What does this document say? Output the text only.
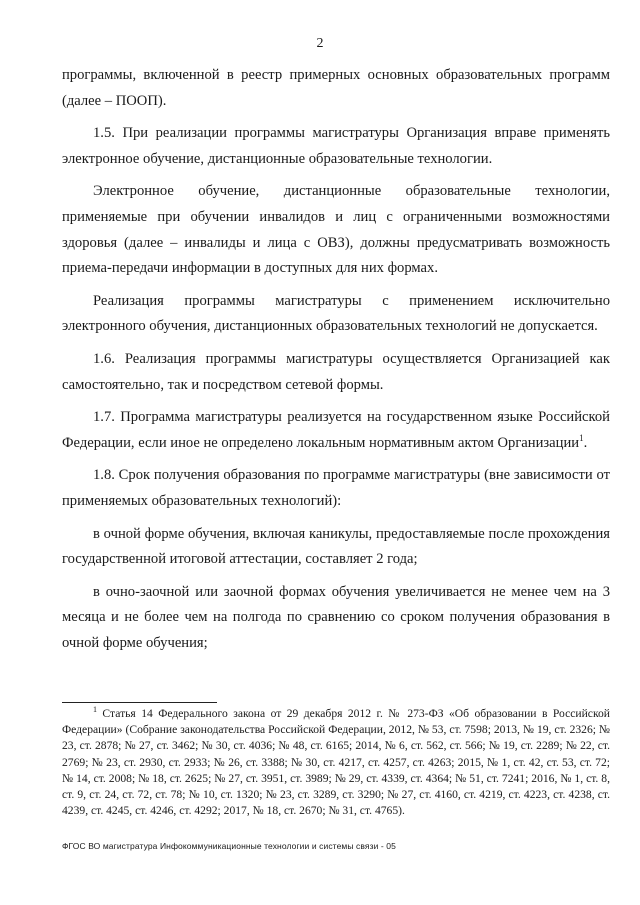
2

программы, включенной в реестр примерных основных образовательных программ (далее – ПООП).

1.5. При реализации программы магистратуры Организация вправе применять электронное обучение, дистанционные образовательные технологии.

Электронное обучение, дистанционные образовательные технологии, применяемые при обучении инвалидов и лиц с ограниченными возможностями здоровья (далее – инвалиды и лица с ОВЗ), должны предусматривать возможность приема-передачи информации в доступных для них формах.

Реализация программы магистратуры с применением исключительно электронного обучения, дистанционных образовательных технологий не допускается.

1.6. Реализация программы магистратуры осуществляется Организацией как самостоятельно, так и посредством сетевой формы.

1.7. Программа магистратуры реализуется на государственном языке Российской Федерации, если иное не определено локальным нормативным актом Организации$^1$.

1.8. Срок получения образования по программе магистратуры (вне зависимости от применяемых образовательных технологий):

в очной форме обучения, включая каникулы, предоставляемые после прохождения государственной итоговой аттестации, составляет 2 года;

в очно-заочной или заочной формах обучения увеличивается не менее чем на 3 месяца и не более чем на полгода по сравнению со сроком получения образования в очной форме обучения;

$^1$ Статья 14 Федерального закона от 29 декабря 2012 г. № 273-ФЗ «Об образовании в Российской Федерации» (Собрание законодательства Российской Федерации, 2012, № 53, ст. 7598; 2013, № 19, ст. 2326; № 23, ст. 2878; № 27, ст. 3462; № 30, ст. 4036; № 48, ст. 6165; 2014, № 6, ст. 562, ст. 566; № 19, ст. 2289; № 22, ст. 2769; № 23, ст. 2930, ст. 2933; № 26, ст. 3388; № 30, ст. 4217, ст. 4257, ст. 4263; 2015, № 1, ст. 42, ст. 53, ст. 72; № 14, ст. 2008; № 18, ст. 2625; № 27, ст. 3951, ст. 3989; № 29, ст. 4339, ст. 4364; № 51, ст. 7241; 2016, № 1, ст. 8, ст. 9, ст. 24, ст. 72, ст. 78; № 10, ст. 1320; № 23, ст. 3289, ст. 3290; № 27, ст. 4160, ст. 4219, ст. 4223, ст. 4238, ст. 4239, ст. 4245, ст. 4246, ст. 4292; 2017, № 18, ст. 2670; № 31, ст. 4765).
ФГОС ВО магистратура Инфокоммуникационные технологии и системы связи - 05
